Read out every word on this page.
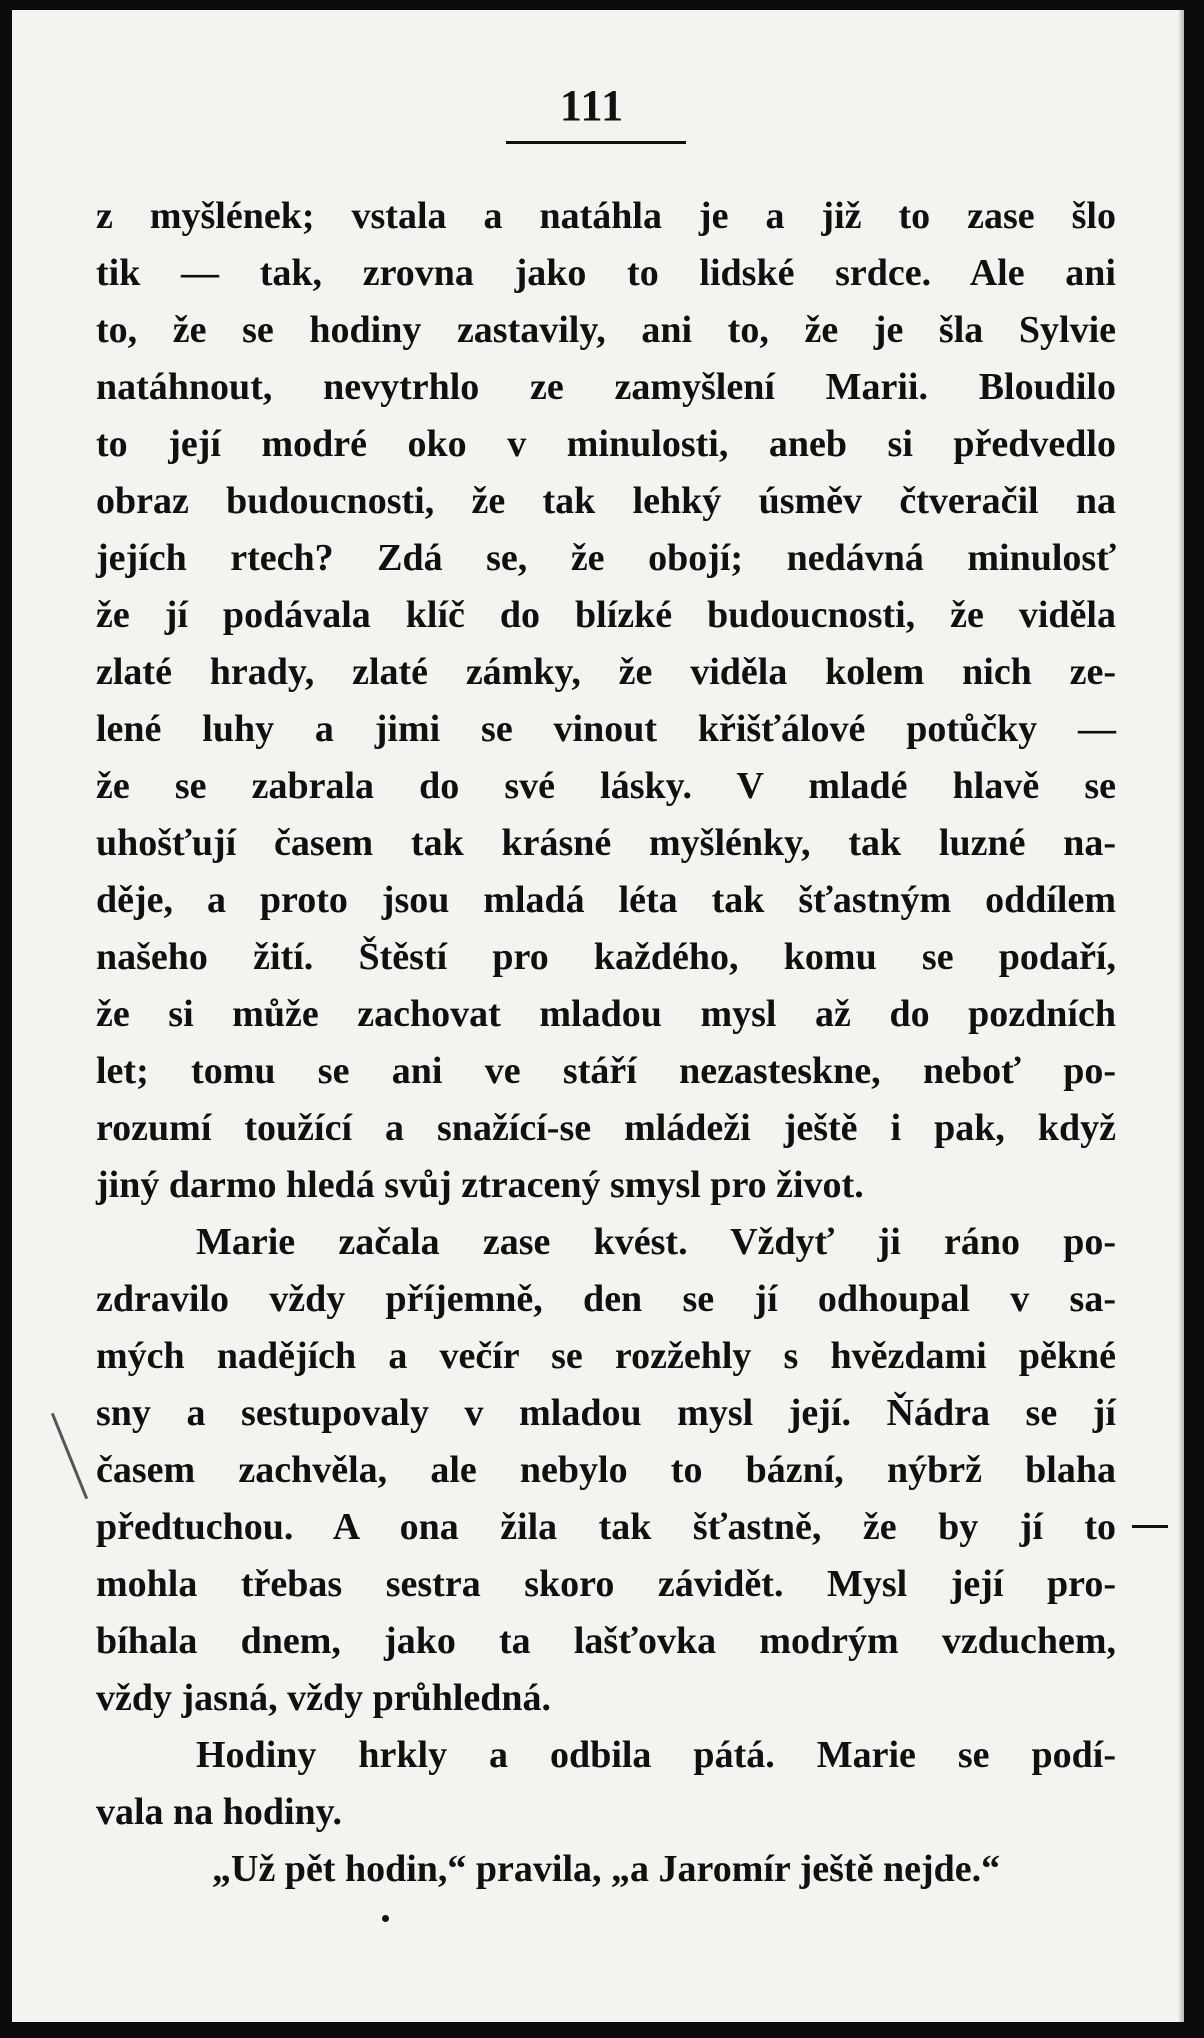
111
z myšlének; vstala a natáhla je a již to zase šlo
tik — tak, zrovna jako to lidské srdce. Ale ani
to, že se hodiny zastavily, ani to, že je šla Sylvie
natáhnout, nevytrhlo ze zamyšlení Marii. Bloudilo
to její modré oko v minulosti, aneb si předvedlo
obraz budoucnosti, že tak lehký úsměv čtveračil na
jejích rtech? Zdá se, že obojí; nedávná minulosť
že jí podávala klíč do blízké budoucnosti, že viděla
zlaté hrady, zlaté zámky, že viděla kolem nich ze-
lené luhy a jimi se vinout křišťálové potůčky —
že se zabrala do své lásky. V mladé hlavě se
uhošťují časem tak krásné myšlénky, tak luzné na-
děje, a proto jsou mladá léta tak šťastným oddílem
našeho žití. Štěstí pro každého, komu se podaří,
že si může zachovat mladou mysl až do pozdních
let; tomu se ani ve stáří nezasteskne, neboť po-
rozumí toužící a snažící-se mládeži ještě i pak, když
jiný darmo hledá svůj ztracený smysl pro život.
Marie začala zase kvést. Vždyť ji ráno po-
zdravilo vždy příjemně, den se jí odhoupal v sa-
mých nadějích a večír se rozžehly s hvězdami pěkné
sny a sestupovaly v mladou mysl její. Ňádra se jí
časem zachvěla, ale nebylo to bázní, nýbrž blaha
předtuchou. A ona žila tak šťastně, že by jí to
mohla třebas sestra skoro závidět. Mysl její pro-
bíhala dnem, jako ta lašťovka modrým vzduchem,
vždy jasná, vždy průhledná.
Hodiny hrkly a odbila pátá. Marie se podí-
vala na hodiny.
„Už pět hodin,“ pravila, „a Jaromír ještě nejde.“
